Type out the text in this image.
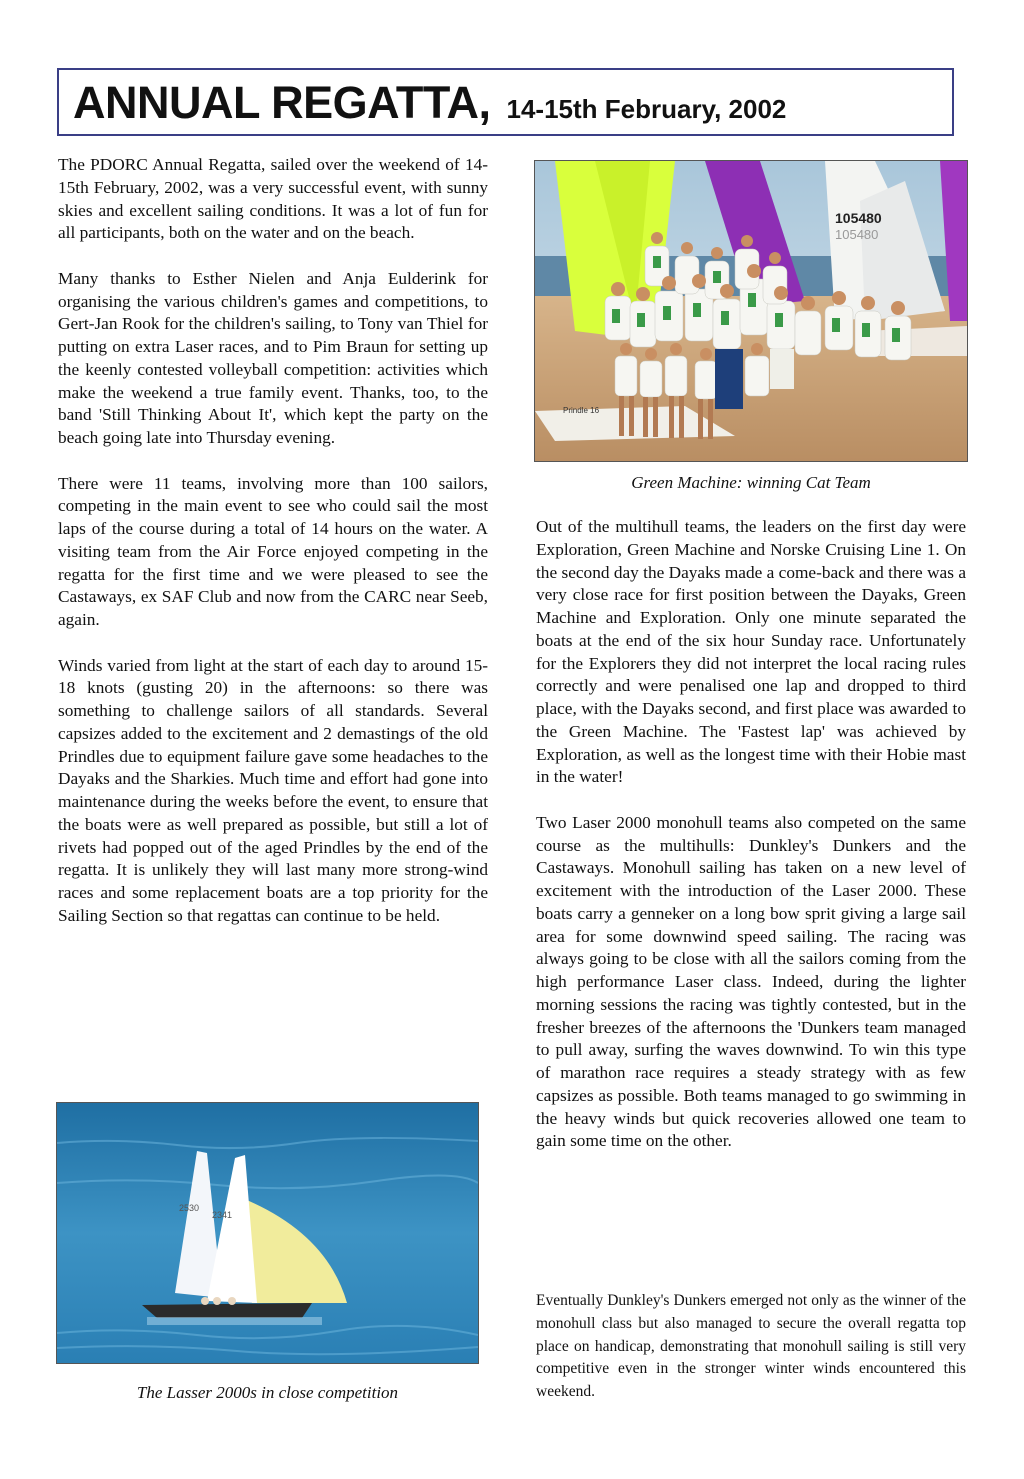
ANNUAL REGATTA, 14-15th February, 2002

The PDORC Annual Regatta, sailed over the weekend of 14-15th February, 2002, was a very successful event, with sunny skies and excellent sailing conditions. It was a lot of fun for all participants, both on the water and on the beach.

Many thanks to Esther Nielen and Anja Eulderink for organising the various children's games and competitions, to Gert-Jan Rook for the children's sailing, to Tony van Thiel for putting on extra Laser races, and to Pim Braun for setting up the keenly contested volleyball competition: activities which make the weekend a true family event. Thanks, too, to the band 'Still Thinking About It', which kept the party on the beach going late into Thursday evening.

There were 11 teams, involving more than 100 sailors, competing in the main event to see who could sail the most laps of the course during a total of 14 hours on the water. A visiting team from the Air Force enjoyed competing in the regatta for the first time and we were pleased to see the Castaways, ex SAF Club and now from the CARC near Seeb, again.

Winds varied from light at the start of each day to around 15-18 knots (gusting 20) in the afternoons: so there was something to challenge sailors of all standards. Several capsizes added to the excitement and 2 demastings of the old Prindles due to equipment failure gave some headaches to the Dayaks and the Sharkies. Much time and effort had gone into maintenance during the weeks before the event, to ensure that the boats were as well prepared as possible, but still a lot of rivets had popped out of the aged Prindles by the end of the regatta. It is unlikely they will last many more strong-wind races and some replacement boats are a top priority for the Sailing Section so that regattas can continue to be held.

105480
105480
Prindle 16
Green Machine: winning Cat Team

Out of the multihull teams, the leaders on the first day were Exploration, Green Machine and Norske Cruising Line 1. On the second day the Dayaks made a come-back and there was a very close race for first position between the Dayaks, Green Machine and Exploration. Only one minute separated the boats at the end of the six hour Sunday race. Unfortunately for the Explorers they did not interpret the local racing rules correctly and were penalised one lap and dropped to third place, with the Dayaks second, and first place was awarded to the Green Machine. The 'Fastest lap' was achieved by Exploration, as well as the longest time with their Hobie mast in the water!

Two Laser 2000 monohull teams also competed on the same course as the multihulls: Dunkley's Dunkers and the Castaways. Monohull sailing has taken on a new level of excitement with the introduction of the Laser 2000. These boats carry a genneker on a long bow sprit giving a large sail area for some downwind speed sailing. The racing was always going to be close with all the sailors coming from the high performance Laser class. Indeed, during the lighter morning sessions the racing was tightly contested, but in the fresher breezes of the afternoons the 'Dunkers team managed to pull away, surfing the waves downwind. To win this type of marathon race requires a steady strategy with as few capsizes as possible. Both teams managed to go swimming in the heavy winds but quick recoveries allowed one team to gain some time on the other.

Eventually Dunkley's Dunkers emerged not only as the winner of the monohull class but also managed to secure the overall regatta top place on handicap, demonstrating that monohull sailing is still very competitive even in the stronger winter winds encountered this weekend.

2530
2341
The Lasser 2000s in close competition
